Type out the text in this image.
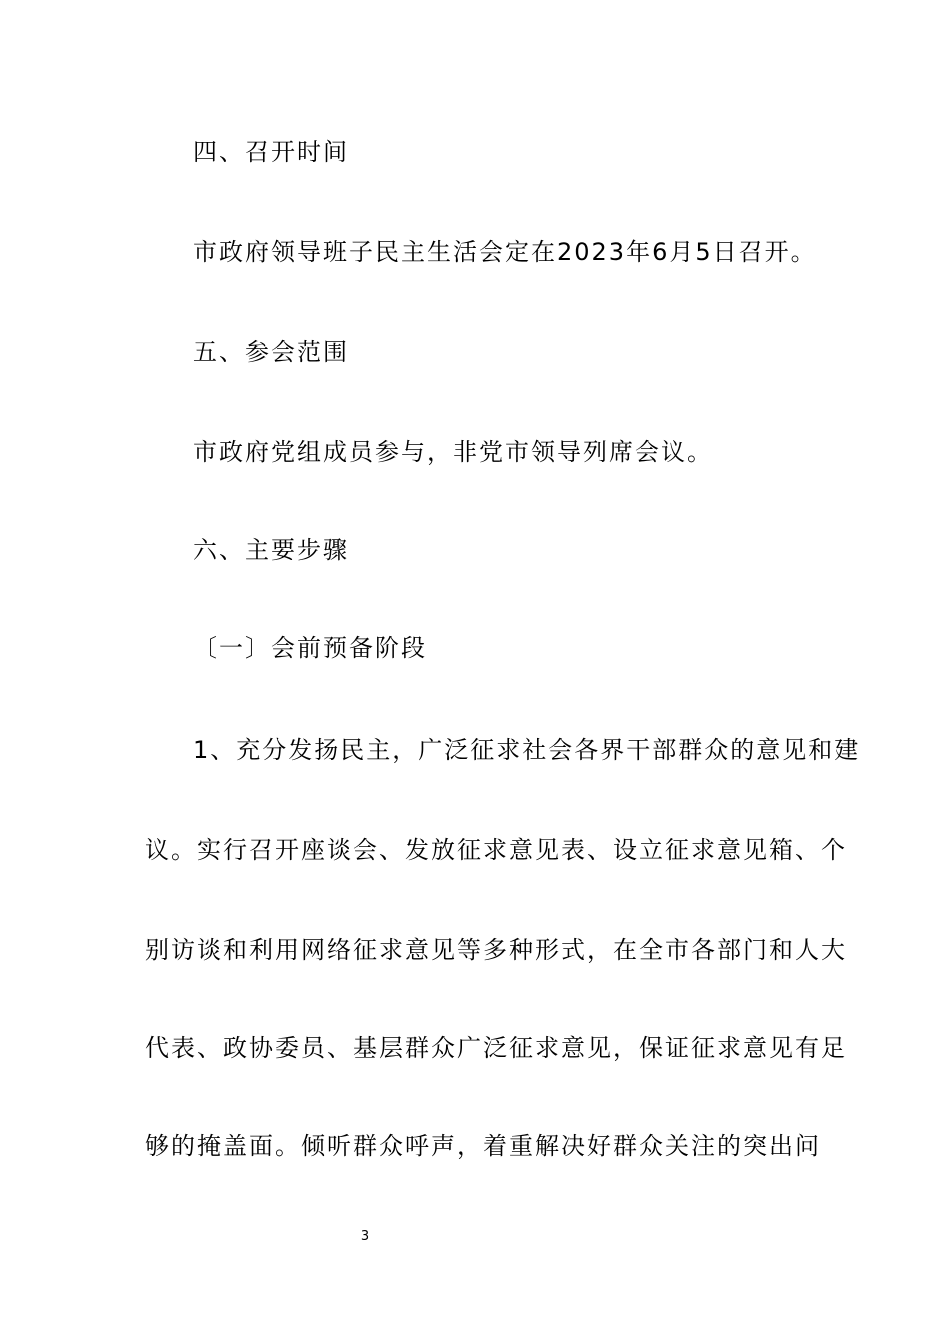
四、召开时间
市政府领导班子民主生活会定在2023年6月5日召开。
五、参会范围
市政府党组成员参与，非党市领导列席会议。
六、主要步骤
〔一〕会前预备阶段
1、充分发扬民主，广泛征求社会各界干部群众的意见和建
议。实行召开座谈会、发放征求意见表、设立征求意见箱、个
别访谈和利用网络征求意见等多种形式，在全市各部门和人大
代表、政协委员、基层群众广泛征求意见，保证征求意见有足
够的掩盖面。倾听群众呼声，着重解决好群众关注的突出问
3
